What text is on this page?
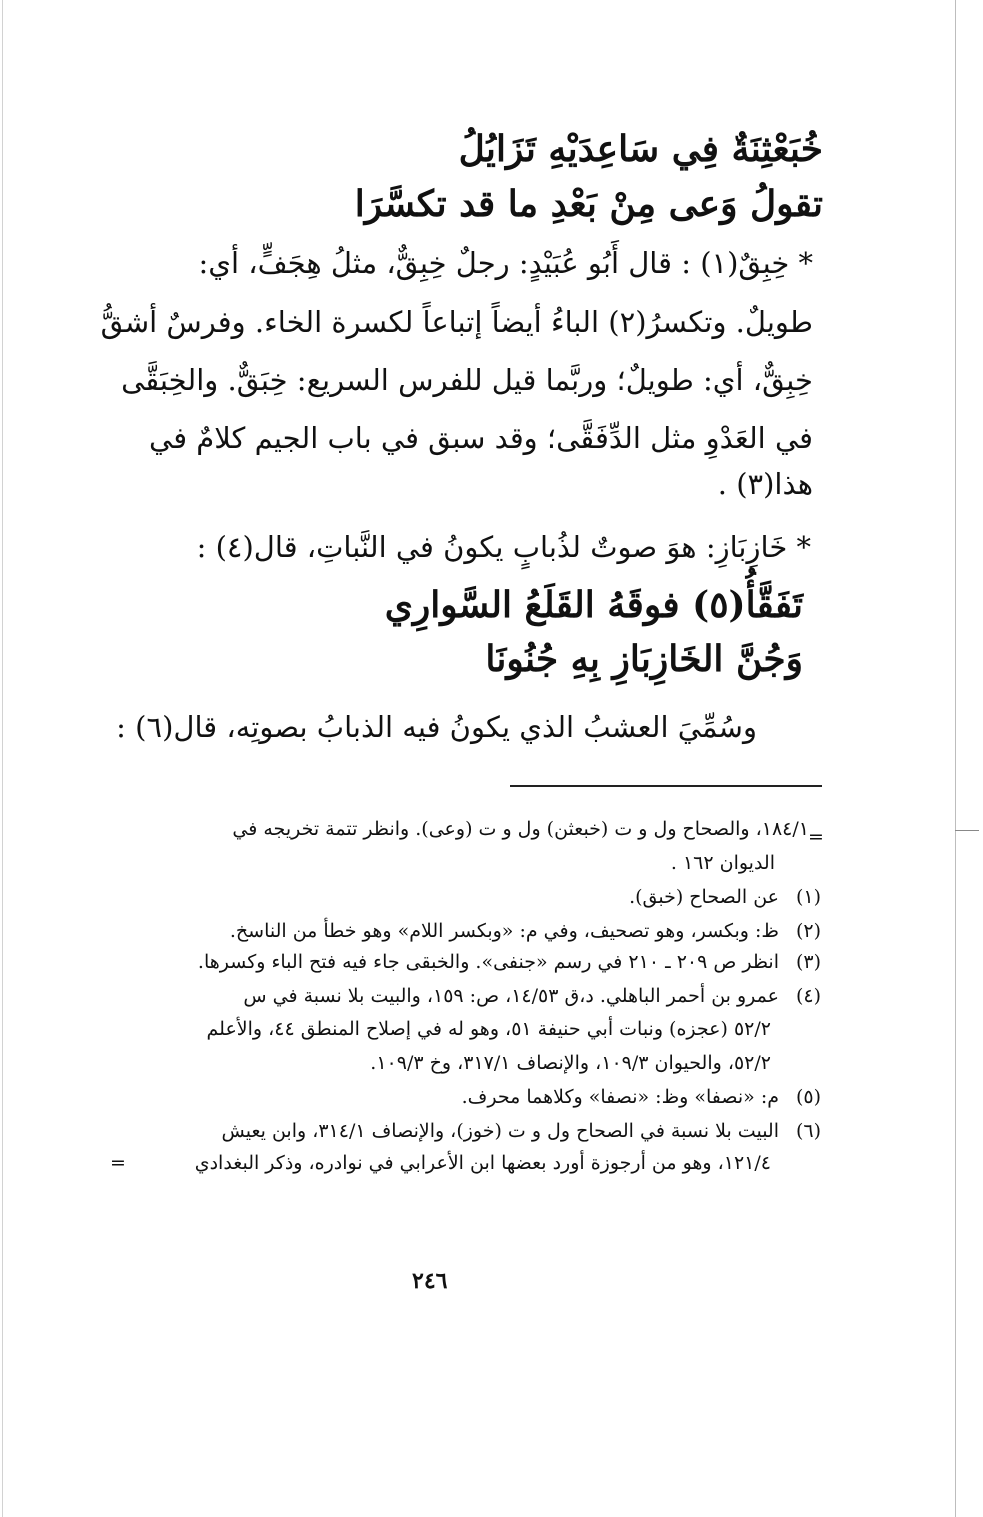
خُبَعْثِنَةٌ فِي سَاعِدَيْهِ تَزَايُلُ
تقولُ وَعى مِنْ بَعْدِ ما قد تكسَّرَا
* خِبِقٌ(١) : قال أَبُو عُبَيْدٍ: رجلٌ خِبِقٌّ، مثلُ هِجَفٍّ، أي:
طويلٌ. وتكسرُ(٢) الباءُ أيضاً إتباعاً لكسرة الخاء. وفرسٌ أشقُّ
خِبِقٌّ، أي: طويلٌ؛ وربَّما قيل للفرس السريع: خِبَقٌّ. والخِبَقَّى
في العَدْوِ مثل الدِّفَقَّى؛ وقد سبق في باب الجيم كلامٌ في
هذا(٣) .
* خَازِبَازِ: هوَ صوتٌ لذُبابٍ يكونُ في النَّباتِ، قال(٤) :
تَفَقَّأُ(٥) فوقَهُ القَلَعُ السَّوارِي
وَجُنَّ الخَازِبَازِ بِهِ جُنُونَا
وسُمِّيَ العشبُ الذي يكونُ فيه الذبابُ بصوتِه، قال(٦) :
=
١٨٤/١، والصحاح ول و ت (خبعثن) ول و ت (وعى). وانظر تتمة تخريجه في
الديوان ١٦٢ .
(١)
عن الصحاح (خبق).
(٢)
ظ: وبكسر، وهو تصحيف، وفي م: «وبكسر اللام» وهو خطأ من الناسخ.
(٣)
انظر ص ٢٠٩ ـ ٢١٠ في رسم «جنفى». والخبقى جاء فيه فتح الباء وكسرها.
(٤)
عمرو بن أحمر الباهلي. د،ق ١٤/٥٣، ص: ١٥٩، والبيت بلا نسبة في س
٥٢/٢ (عجزه) ونبات أبي حنيفة ٥١، وهو له في إصلاح المنطق ٤٤، والأعلم
٥٢/٢، والحيوان ١٠٩/٣، والإنصاف ٣١٧/١، وخ ١٠٩/٣.
(٥)
م: «نصفا» وظ: «نصفا» وكلاهما محرف.
(٦)
البيت بلا نسبة في الصحاح ول و ت (خوز)، والإنصاف ٣١٤/١، وابن يعيش
١٢١/٤، وهو من أرجوزة أورد بعضها ابن الأعرابي في نوادره، وذكر البغدادي
=
٢٤٦
